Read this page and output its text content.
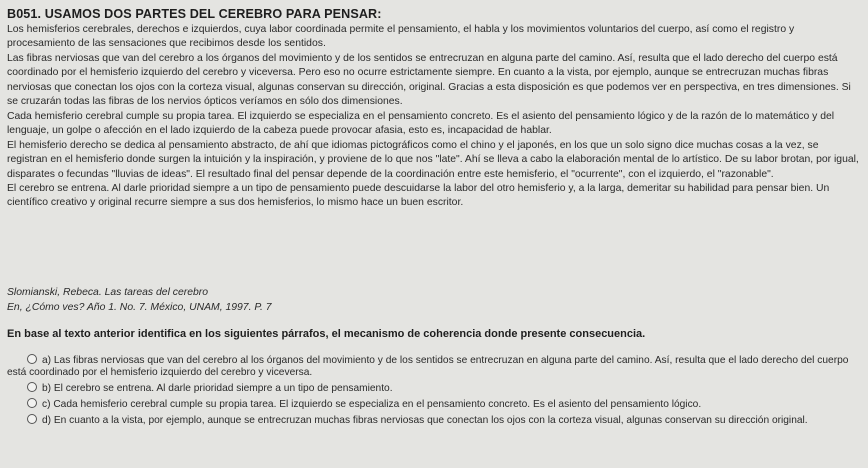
B051. USAMOS DOS PARTES DEL CEREBRO PARA PENSAR:

Los hemisferios cerebrales, derechos e izquierdos, cuya labor coordinada permite el pensamiento, el habla y los movimientos voluntarios del cuerpo, así como el registro y procesamiento de las sensaciones que recibimos desde los sentidos.

Las fibras nerviosas que van del cerebro a los órganos del movimiento y de los sentidos se entrecruzan en alguna parte del camino. Así, resulta que el lado derecho del cuerpo está coordinado por el hemisferio izquierdo del cerebro y viceversa. Pero eso no ocurre estrictamente siempre. En cuanto a la vista, por ejemplo, aunque se entrecruzan muchas fibras nerviosas que conectan los ojos con la corteza visual, algunas conservan su dirección, original. Gracias a esta disposición es que podemos ver en perspectiva, en tres dimensiones. Si se cruzarán todas las fibras de los nervios ópticos veríamos en sólo dos dimensiones.

Cada hemisferio cerebral cumple su propia tarea. El izquierdo se especializa en el pensamiento concreto. Es el asiento del pensamiento lógico y de la razón de lo matemático y del lenguaje, un golpe o afección en el lado izquierdo de la cabeza puede provocar afasia, esto es, incapacidad de hablar.

El hemisferio derecho se dedica al pensamiento abstracto, de ahí que idiomas pictográficos como el chino y el japonés, en los que un solo signo dice muchas cosas a la vez, se registran en el hemisferio donde surgen la intuición y la inspiración, y proviene de lo que nos "late". Ahí se lleva a cabo la elaboración mental de lo artístico. De su labor brotan, por igual, disparates o fecundas "lluvias de ideas". El resultado final del pensar depende de la coordinación entre este hemisferio, el "ocurrente", con el izquierdo, el "razonable".

El cerebro se entrena. Al darle prioridad siempre a un tipo de pensamiento puede descuidarse la labor del otro hemisferio y, a la larga, demeritar su habilidad para pensar bien. Un científico creativo y original recurre siempre a sus dos hemisferios, lo mismo hace un buen escritor.

Slomianski, Rebeca. Las tareas del cerebro

En, ¿Cómo ves? Año 1. No. 7. México, UNAM, 1997. P. 7

En base al texto anterior identifica en los siguientes párrafos, el mecanismo de coherencia donde presente consecuencia.
a) Las fibras nerviosas que van del cerebro al los órganos del movimiento y de los sentidos se entrecruzan en alguna parte del camino. Así, resulta que el lado derecho del cuerpo está coordinado por el hemisferio izquierdo del cerebro y viceversa.
b) El cerebro se entrena. Al darle prioridad siempre a un tipo de pensamiento.
c) Cada hemisferio cerebral cumple su propia tarea. El izquierdo se especializa en el pensamiento concreto. Es el asiento del pensamiento lógico.
d) En cuanto a la vista, por ejemplo, aunque se entrecruzan muchas fibras nerviosas que conectan los ojos con la corteza visual, algunas conservan su dirección original.
